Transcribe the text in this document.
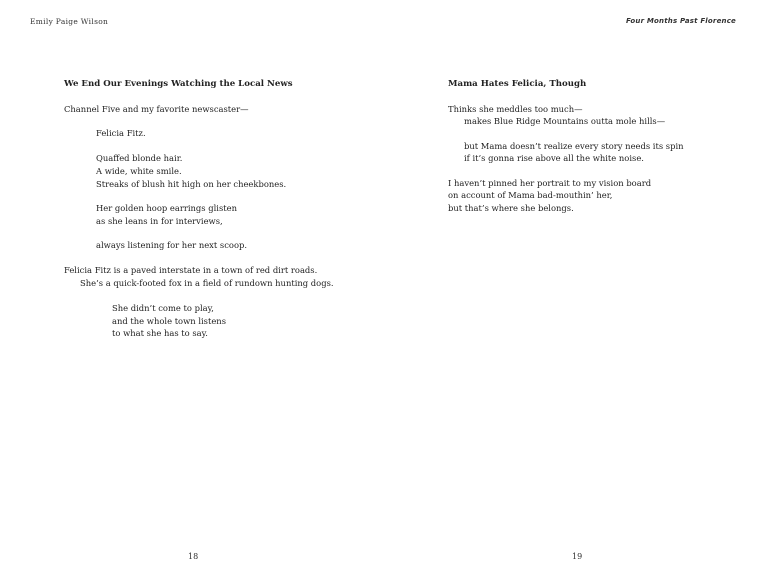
Emily Paige Wilson
We End Our Evenings Watching the Local News
Channel Five and my favorite newscaster—
Felicia Fitz.
Quaffed blonde hair.
A wide, white smile.
Streaks of blush hit high on her cheekbones.
Her golden hoop earrings glisten
as she leans in for interviews,
always listening for her next scoop.
Felicia Fitz is a paved interstate in a town of red dirt roads.
She’s a quick-footed fox in a field of rundown hunting dogs.
She didn’t come to play,
and the whole town listens
to what she has to say.
18
Four Months Past Florence
Mama Hates Felicia, Though
Thinks she meddles too much—
makes Blue Ridge Mountains outta mole hills—
but Mama doesn’t realize every story needs its spin
if it’s gonna rise above all the white noise.
I haven’t pinned her portrait to my vision board
on account of Mama bad-mouthin’ her,
but that’s where she belongs.
19
